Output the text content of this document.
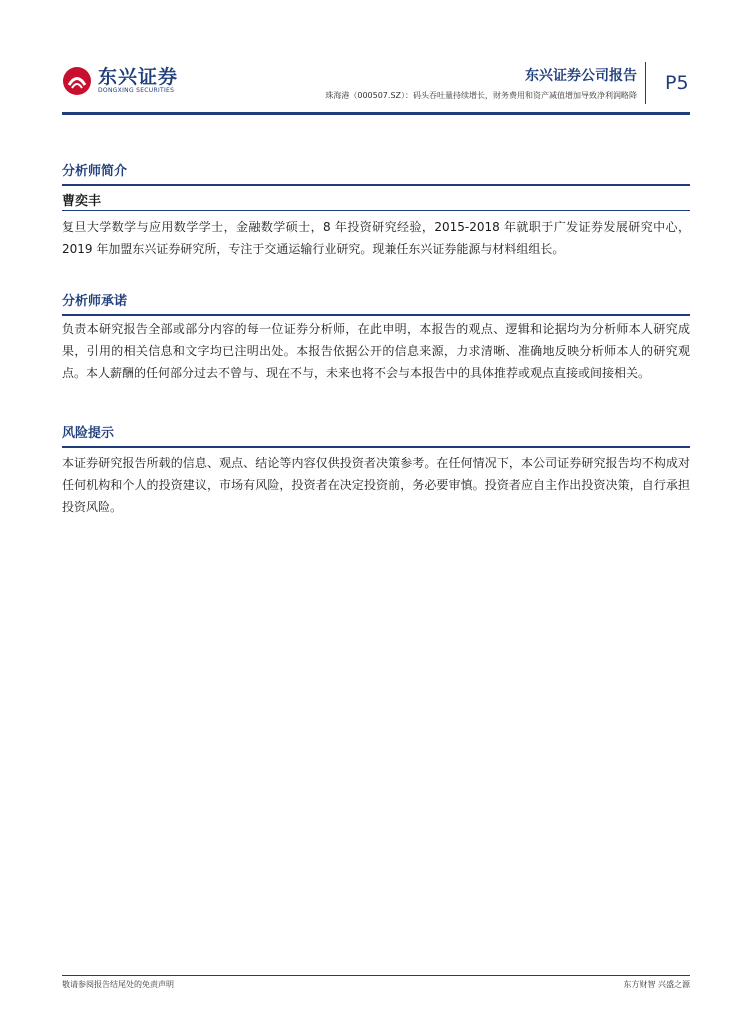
东兴证券
DONGXING SECURITIES
东兴证券公司报告
珠海港（000507.SZ）：码头吞吐量持续增长，财务费用和资产减值增加导致净利润略降
P5
分析师简介
曹奕丰
复旦大学数学与应用数学学士，金融数学硕士，8 年投资研究经验，2015-2018 年就职于广发证券发展研究中心，2019 年加盟东兴证券研究所，专注于交通运输行业研究。现兼任东兴证券能源与材料组组长。
分析师承诺
负责本研究报告全部或部分内容的每一位证券分析师，在此申明，本报告的观点、逻辑和论据均为分析师本人研究成果，引用的相关信息和文字均已注明出处。本报告依据公开的信息来源，力求清晰、准确地反映分析师本人的研究观点。本人薪酬的任何部分过去不曾与、现在不与，未来也将不会与本报告中的具体推荐或观点直接或间接相关。
风险提示
本证券研究报告所载的信息、观点、结论等内容仅供投资者决策参考。在任何情况下，本公司证券研究报告均不构成对任何机构和个人的投资建议，市场有风险，投资者在决定投资前，务必要审慎。投资者应自主作出投资决策，自行承担投资风险。
敬请参阅报告结尾处的免责声明	东方财智 兴盛之源
